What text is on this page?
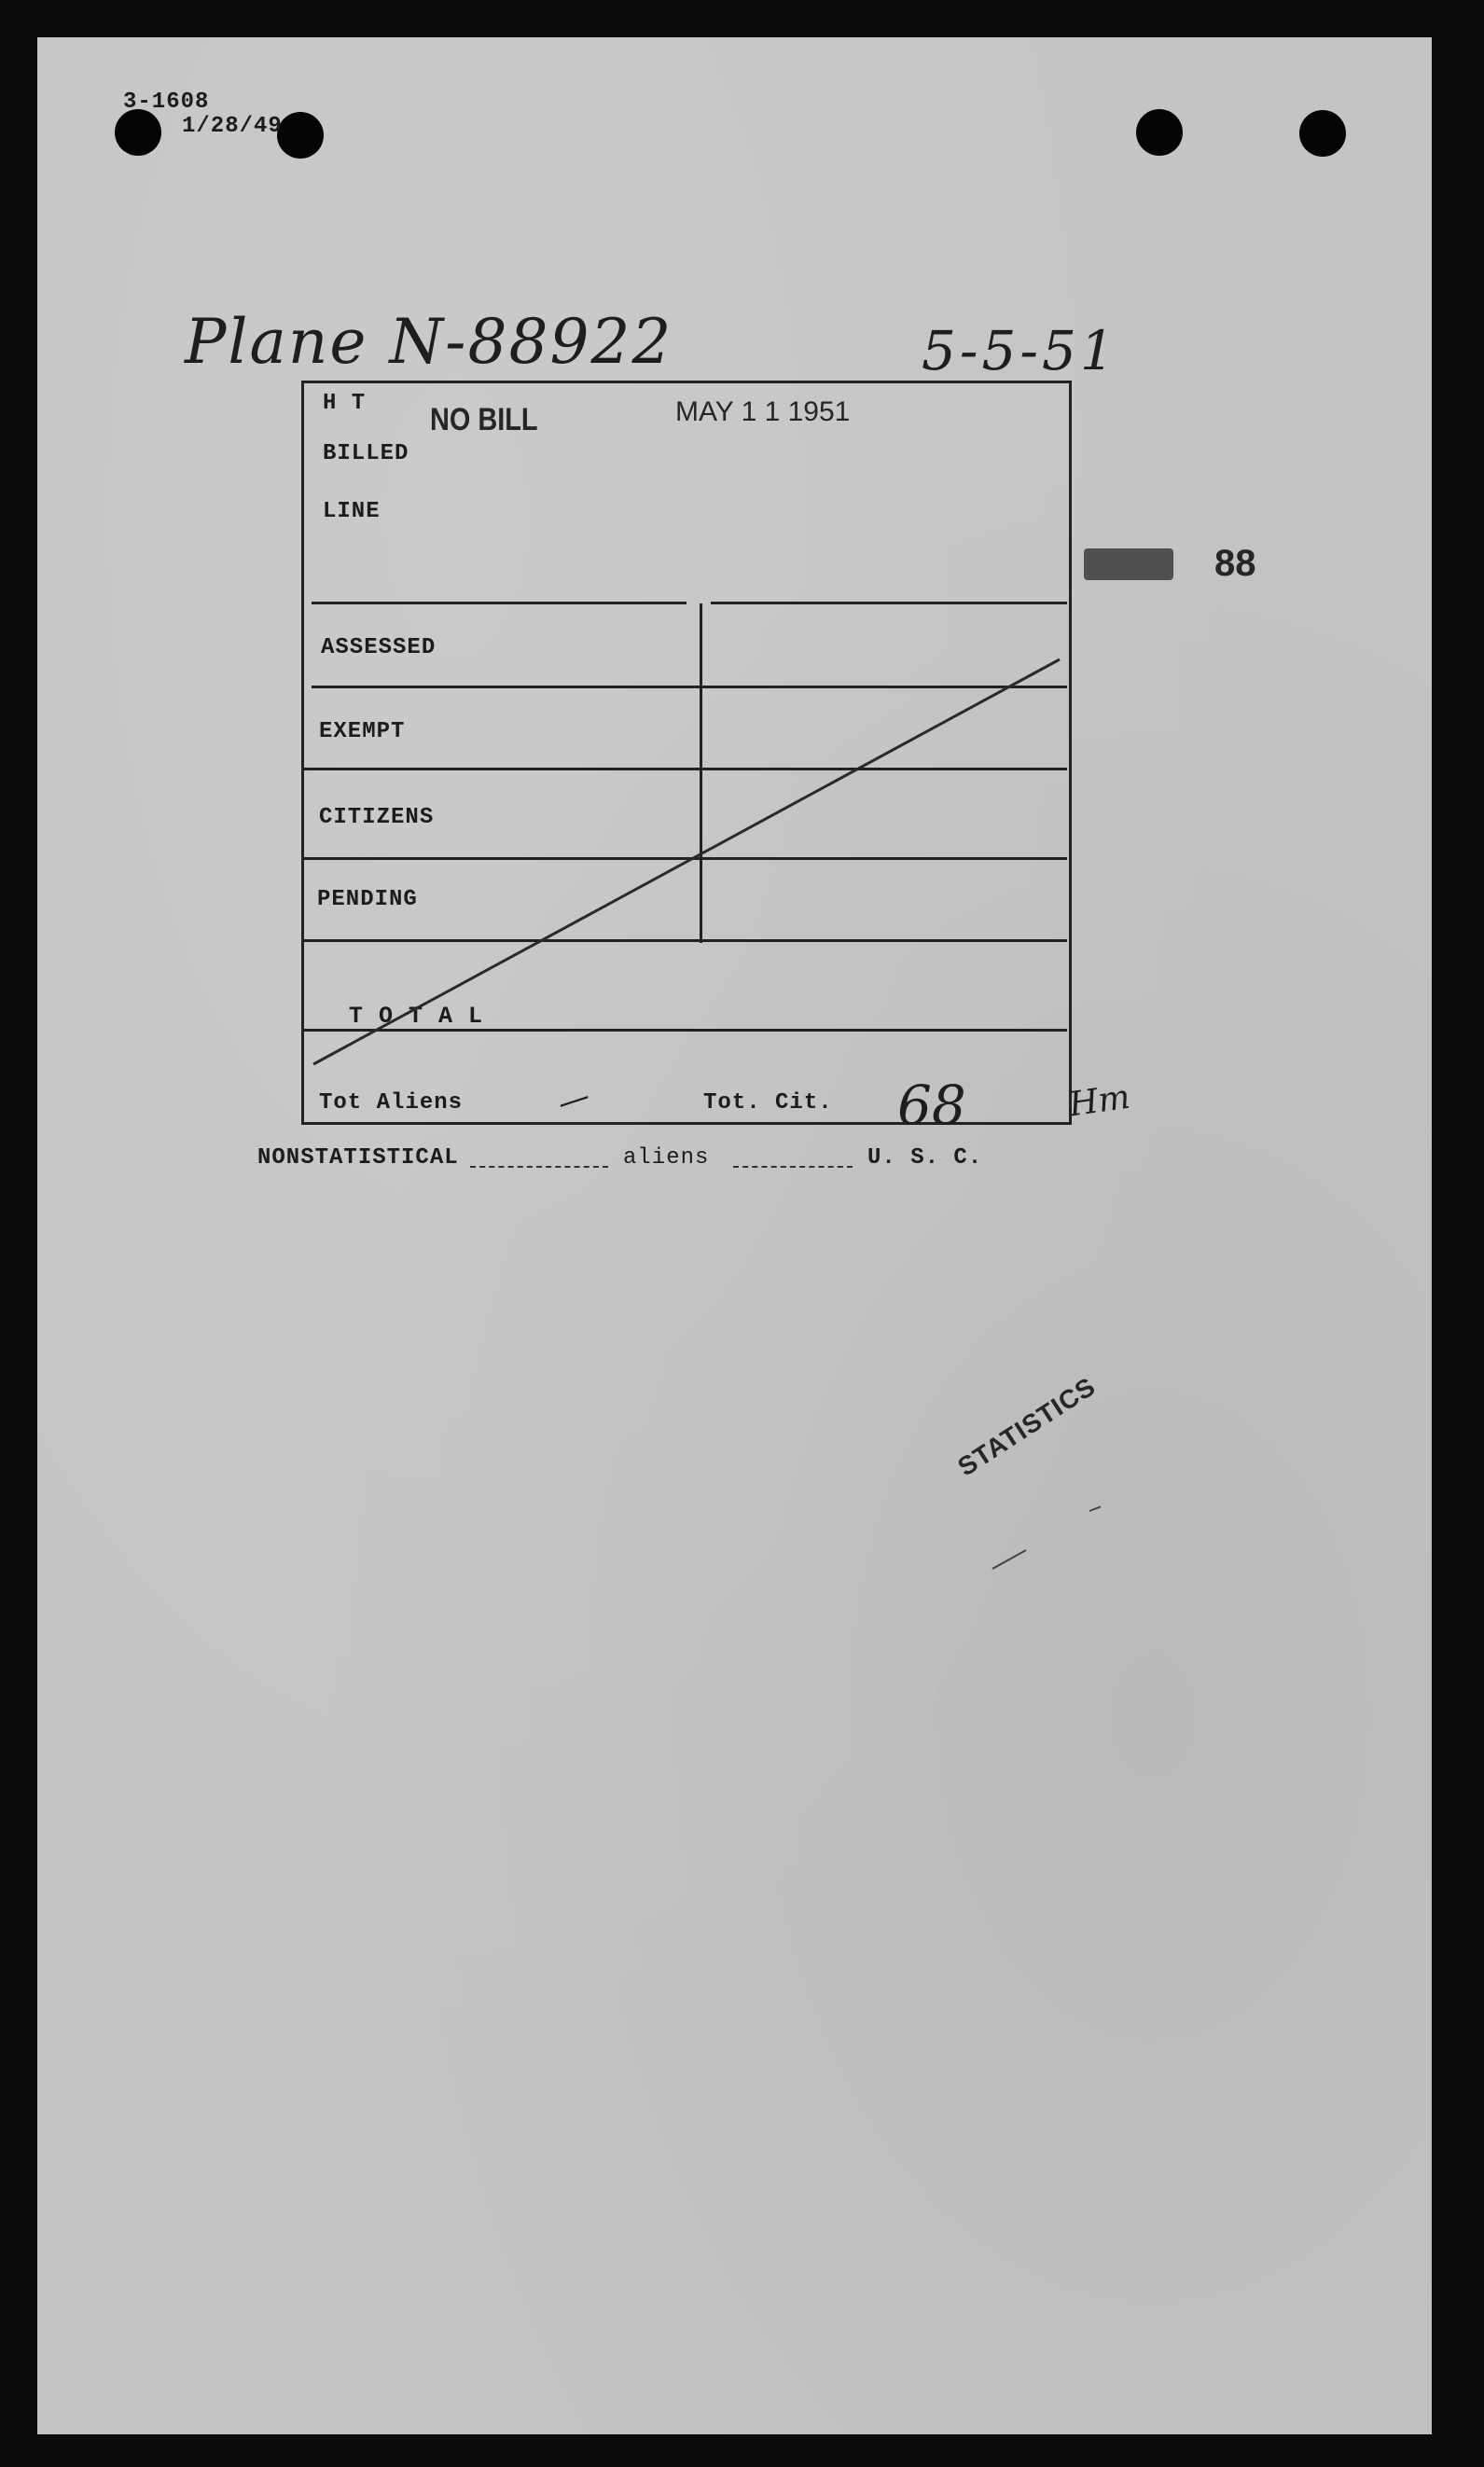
3-1608
1/28/49
Plane N-88922	5-5-51
88
H T
BILLED
LINE
NO BILL	MAY 1 1 1951
ASSESSED
EXEMPT
CITIZENS
PENDING
T O T A L
Tot Aliens	—	Tot. Cit. 68	Hm
NONSTATISTICAL	aliens	U. S. C.
STATISTICS
